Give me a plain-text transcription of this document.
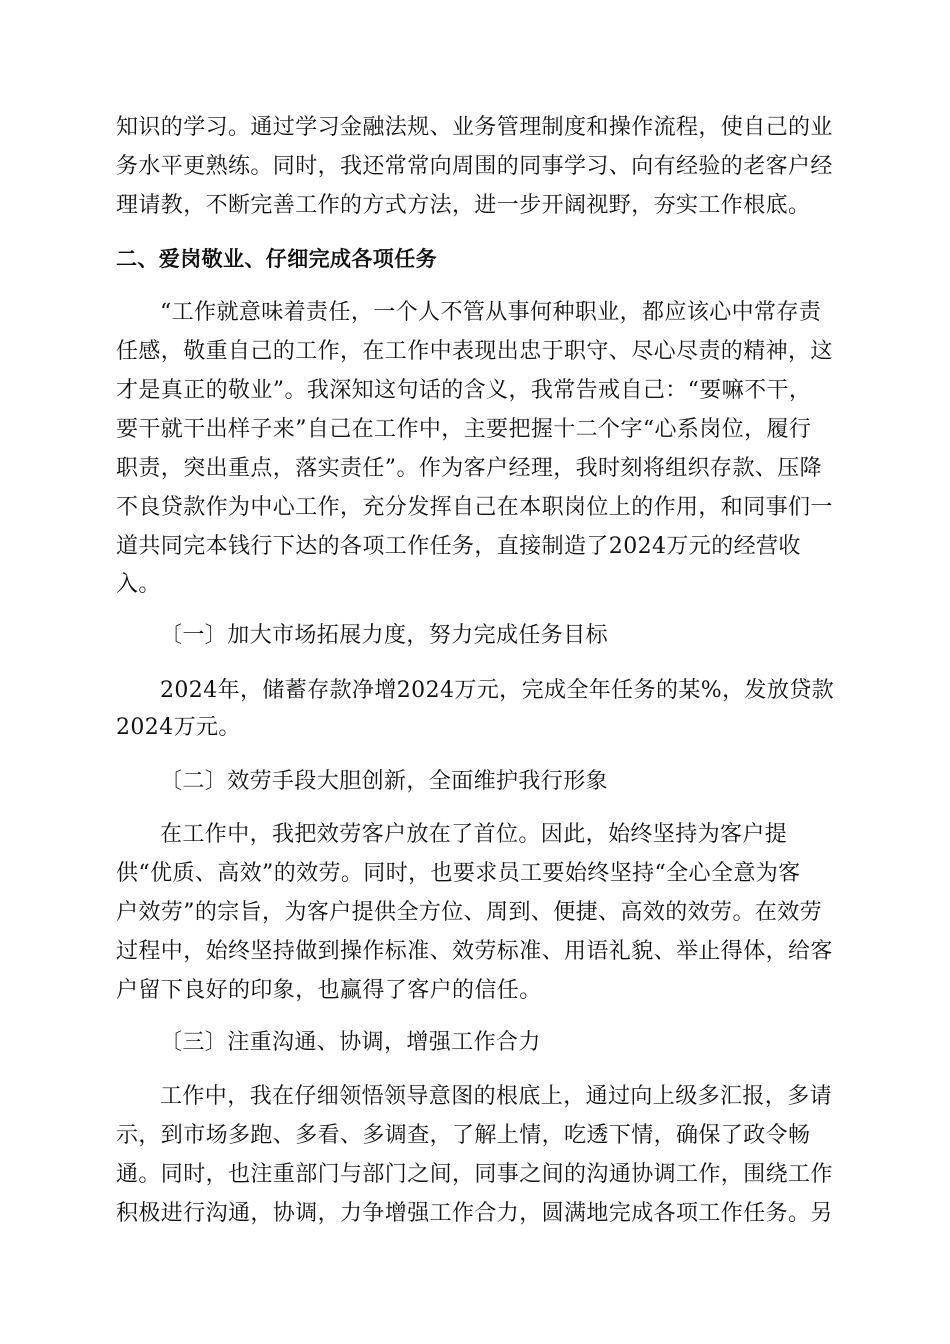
知识的学习。通过学习金融法规、业务管理制度和操作流程，使自己的业
务水平更熟练。同时，我还常常向周围的同事学习、向有经验的老客户经
理请教，不断完善工作的方式方法，进一步开阔视野，夯实工作根底。
二、爱岗敬业、仔细完成各项任务
“工作就意味着责任，一个人不管从事何种职业，都应该心中常存责
任感，敬重自己的工作，在工作中表现出忠于职守、尽心尽责的精神，这
才是真正的敬业”。我深知这句话的含义，我常告戒自己：“要嘛不干，
要干就干出样子来”自己在工作中，主要把握十二个字“心系岗位，履行
职责，突出重点，落实责任”。作为客户经理，我时刻将组织存款、压降
不良贷款作为中心工作，充分发挥自己在本职岗位上的作用，和同事们一
道共同完本钱行下达的各项工作任务，直接制造了2024万元的经营收
入。
〔一〕加大市场拓展力度，努力完成任务目标
2024年，储蓄存款净增2024万元，完成全年任务的某%，发放贷款
2024万元。
〔二〕效劳手段大胆创新，全面维护我行形象
在工作中，我把效劳客户放在了首位。因此，始终坚持为客户提
供“优质、高效”的效劳。同时，也要求员工要始终坚持“全心全意为客
户效劳”的宗旨，为客户提供全方位、周到、便捷、高效的效劳。在效劳
过程中，始终坚持做到操作标准、效劳标准、用语礼貌、举止得体，给客
户留下良好的印象，也赢得了客户的信任。
〔三〕注重沟通、协调，增强工作合力
工作中，我在仔细领悟领导意图的根底上，通过向上级多汇报，多请
示，到市场多跑、多看、多调查，了解上情，吃透下情，确保了政令畅
通。同时，也注重部门与部门之间，同事之间的沟通协调工作，围绕工作
积极进行沟通，协调，力争增强工作合力，圆满地完成各项工作任务。另
